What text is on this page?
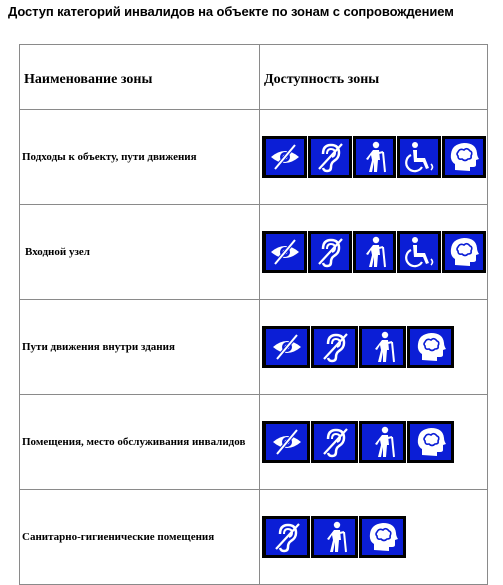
Доступ категорий инвалидов на объекте по зонам с сопровождением
Наименование зоны	Доступность зоны

Подходы к объекту, пути движения	

Входной узел	

Пути движения внутри здания	

Помещения, место обслуживания инвалидов	

Санитарно-гигиенические помещения	
